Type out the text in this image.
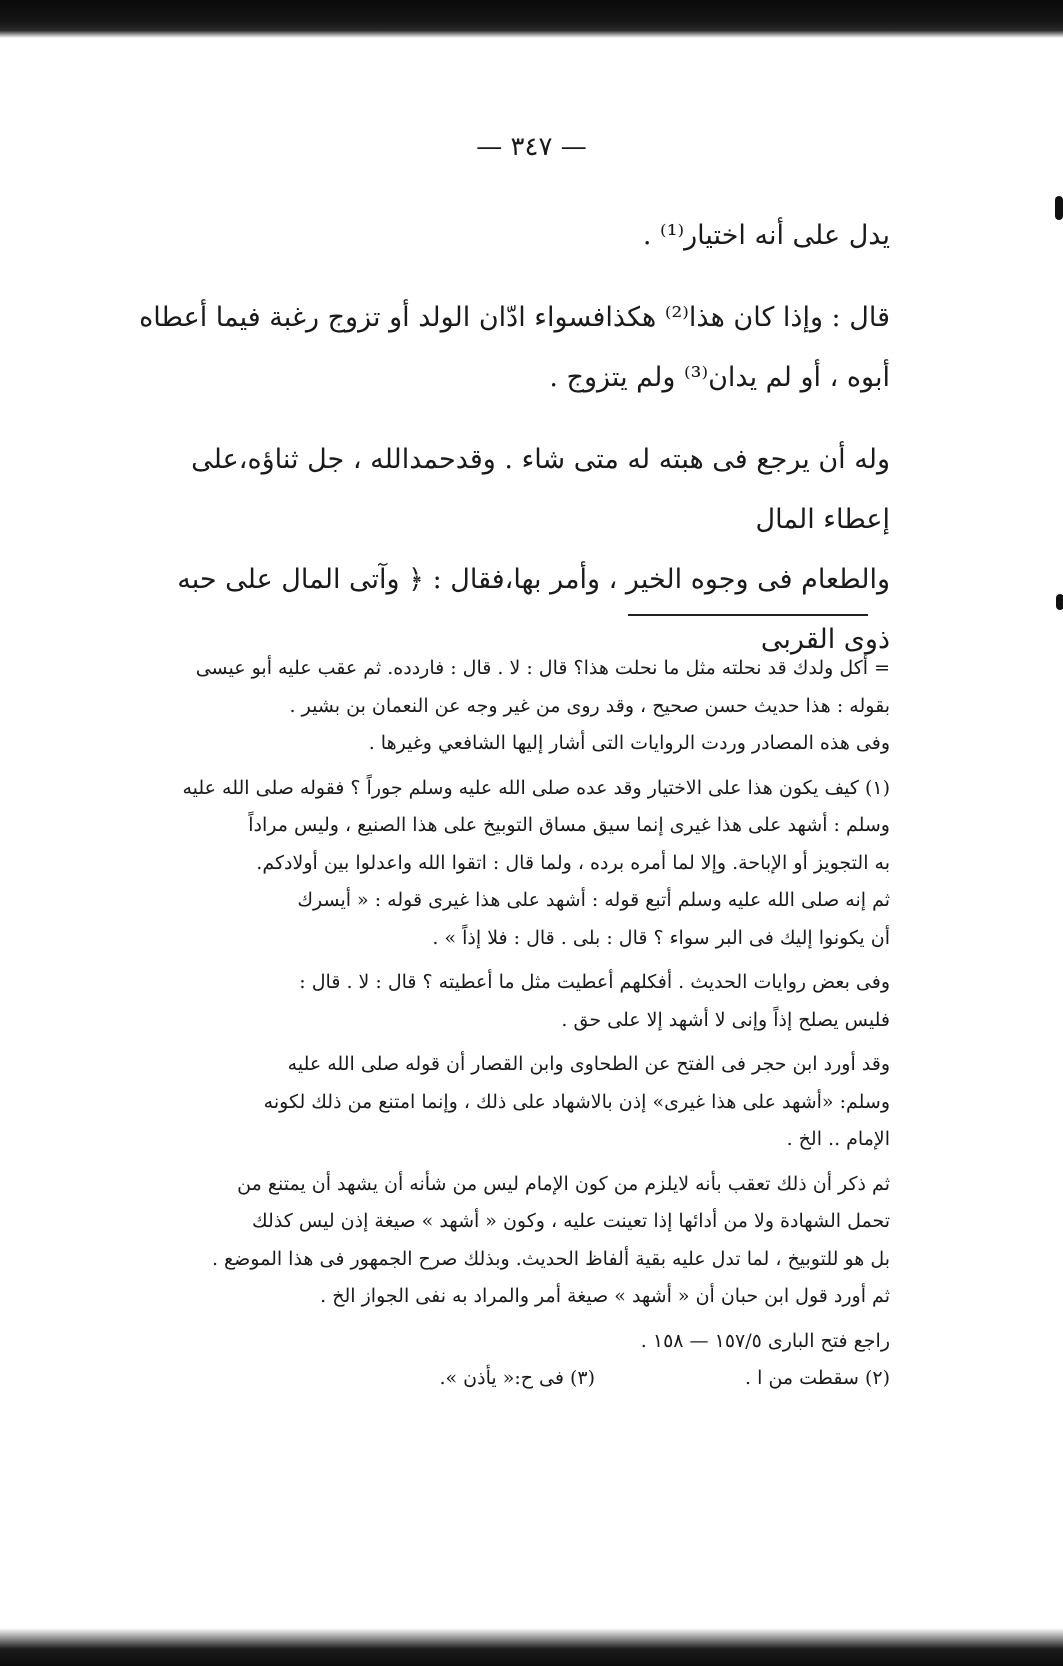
— ٣٤٧ —

يدل على أنه اختيار⁽¹⁾ .

قال : وإذا كان هذا⁽²⁾ هكذافسواء ادّان الولد أو تزوج رغبة فيما أعطاه

أبوه ، أو لم يدان⁽³⁾ ولم يتزوج .

وله أن يرجع فى هبته له متى شاء . وقدحمدالله ، جل ثناؤه،على إعطاء المال

والطعام فى وجوه الخير ، وأمر بها،فقال : ﴿ وآتى المال على حبه ذوى القربى

= أكل ولدك قد نحلته مثل ما نحلت هذا؟ قال : لا . قال : فاردده. ثم عقب عليه أبو عيسى

بقوله : هذا حديث حسن صحيح ، وقد روى من غير وجه عن النعمان بن بشير .

وفى هذه المصادر وردت الروايات التى أشار إليها الشافعي وغيرها .

(١) كيف يكون هذا على الاختيار وقد عده صلى الله عليه وسلم جوراً ؟ فقوله صلى الله عليه

وسلم : أشهد على هذا غيرى إنما سيق مساق التوبيخ على هذا الصنيع ، وليس مراداً

به التجويز أو الإباحة. وإلا لما أمره برده ، ولما قال : اتقوا الله واعدلوا بين أولادكم.

ثم إنه صلى الله عليه وسلم أتبع قوله : أشهد على هذا غيرى قوله : « أيسرك

أن يكونوا إليك فى البر سواء ؟ قال : بلى . قال : فلا إذاً » .

وفى بعض روايات الحديث . أفكلهم أعطيت مثل ما أعطيته ؟ قال : لا . قال :

فليس يصلح إذاً وإنى لا أشهد إلا على حق .

وقد أورد ابن حجر فى الفتح عن الطحاوى وابن القصار أن قوله صلى الله عليه

وسلم: «أشهد على هذا غيرى» إذن بالاشهاد على ذلك ، وإنما امتنع من ذلك لكونه

الإمام .. الخ .

ثم ذكر أن ذلك تعقب بأنه لايلزم من كون الإمام ليس من شأنه أن يشهد أن يمتنع من

تحمل الشهادة ولا من أدائها إذا تعينت عليه ، وكون « أشهد » صيغة إذن ليس كذلك

بل هو للتوبيخ ، لما تدل عليه بقية ألفاظ الحديث. وبذلك صرح الجمهور فى هذا الموضع .

ثم أورد قول ابن حبان أن « أشهد » صيغة أمر والمراد به نفى الجواز الخ .

راجع فتح البارى ١٥٧/٥ — ١٥٨ .

(٢) سقطت من ا .
(٣) فى ح:« يأذن ».
